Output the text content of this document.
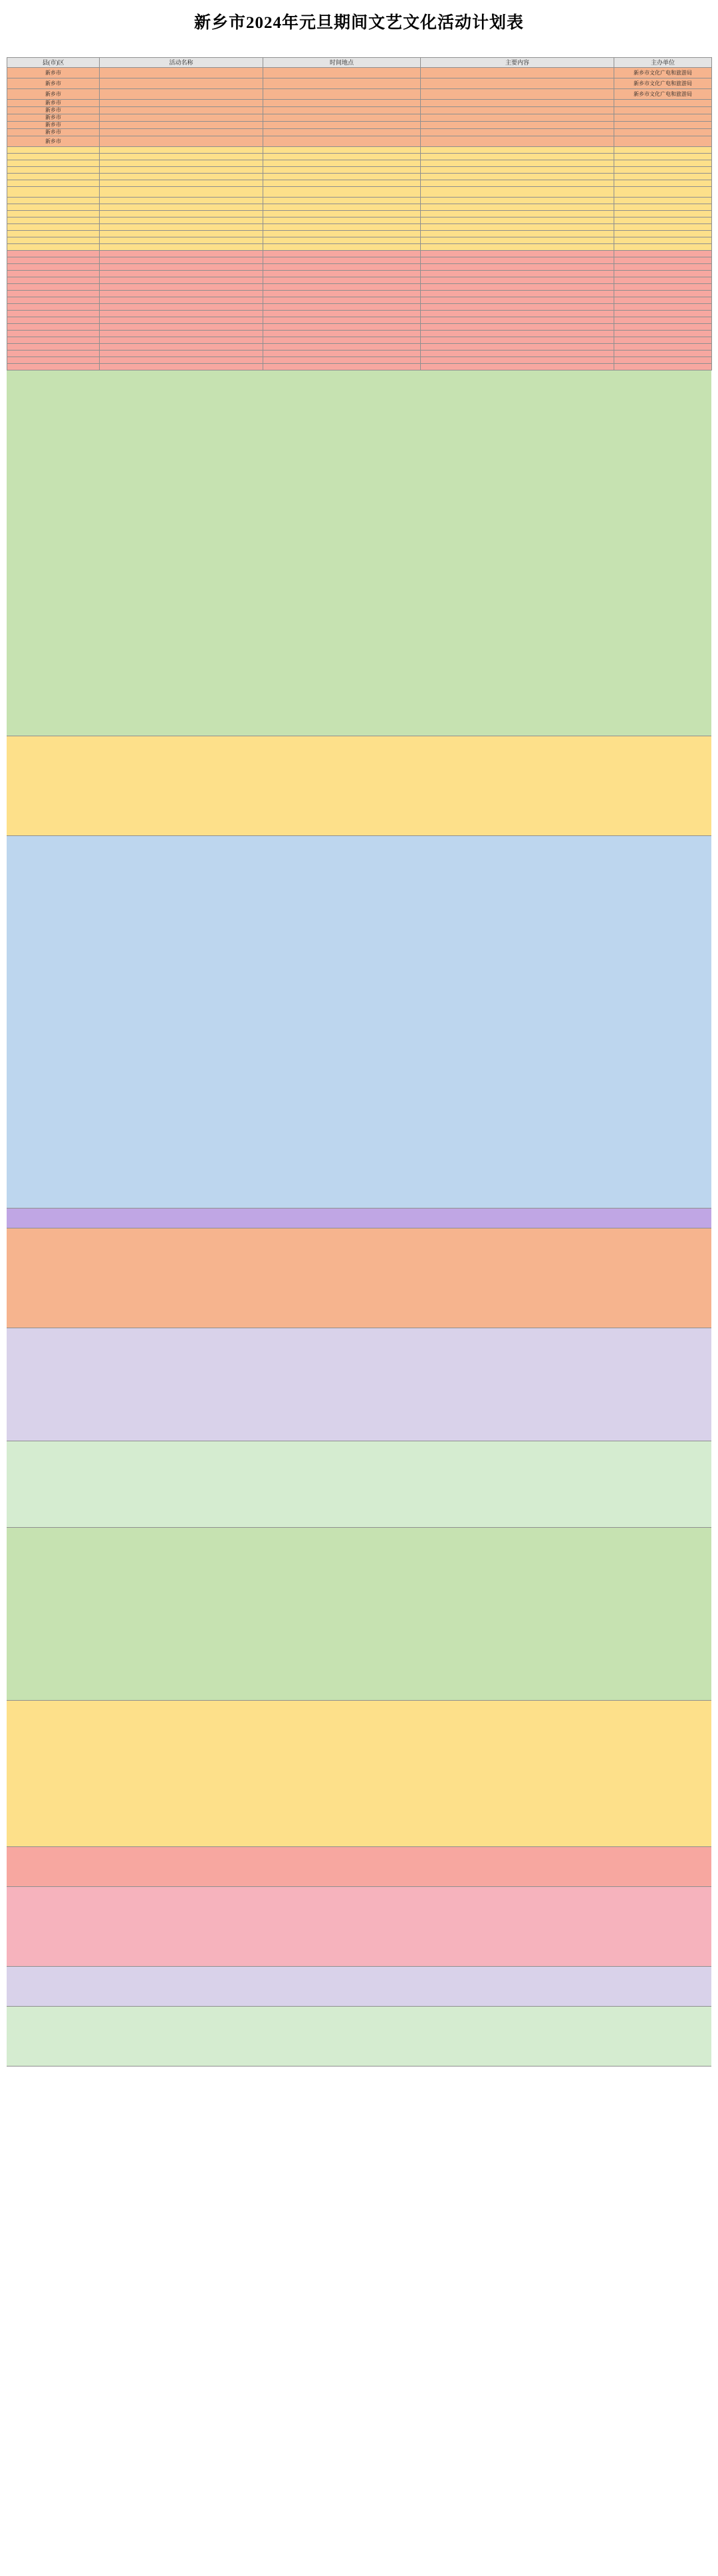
新乡市2024年元旦期间文艺文化活动计划表
县(市)区	活动名称	时间地点	主要内容	主办单位
新乡市				新乡市文化广电和旅游局
新乡市				新乡市文化广电和旅游局
新乡市				新乡市文化广电和旅游局
新乡市				
新乡市				
新乡市				
新乡市				
新乡市				
新乡市				
